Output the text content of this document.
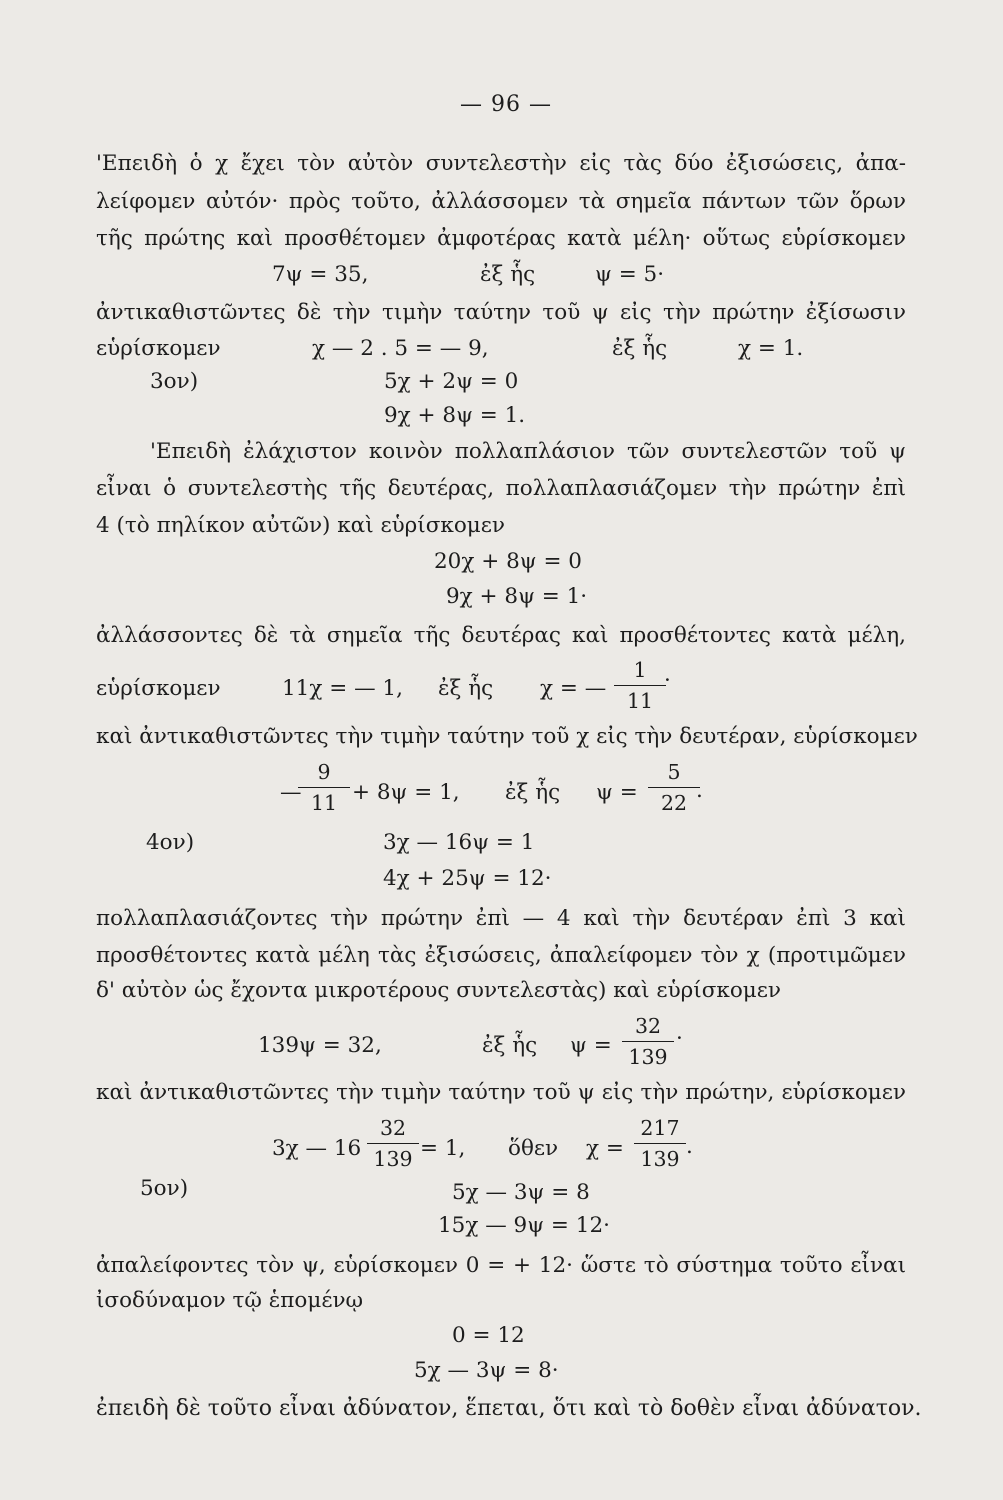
— 96 —
'Επειδὴ ὁ χ ἔχει τὸν αὐτὸν συντελεστὴν εἰς τὰς δύο ἐξισώσεις, ἀπα-
λείφομεν αὐτόν· πρὸς τοῦτο, ἀλλάσσομεν τὰ σημεῖα πάντων τῶν ὅρων
τῆς πρώτης καὶ προσθέτομεν ἀμφοτέρας κατὰ μέλη· οὕτως εὑρίσκομεν
7ψ = 35,	ἐξ ἧς	ψ = 5·
ἀντικαθιστῶντες δὲ τὴν τιμὴν ταύτην τοῦ ψ εἰς τὴν πρώτην ἐξίσωσιν
εὑρίσκομεν	χ — 2 . 5 = — 9,	ἐξ ἧς	χ = 1.
3ον)	5χ + 2ψ = 0
9χ + 8ψ = 1.
'Επειδὴ ἐλάχιστον κοινὸν πολλαπλάσιον τῶν συντελεστῶν τοῦ ψ
εἶναι ὁ συντελεστὴς τῆς δευτέρας, πολλαπλασιάζομεν τὴν πρώτην ἐπὶ
4 (τὸ πηλίκον αὐτῶν) καὶ εὑρίσκομεν
20χ + 8ψ = 0
9χ + 8ψ = 1·
ἀλλάσσοντες δὲ τὰ σημεῖα τῆς δευτέρας καὶ προσθέτοντες κατὰ μέλη,
εὑρίσκομεν	11χ = — 1, ἐξ ἧς χ = —
1
11
·
καὶ ἀντικαθιστῶντες τὴν τιμὴν ταύτην τοῦ χ εἰς τὴν δευτέραν, εὑρίσκομεν
—
9
11 + 8ψ = 1, ἐξ ἧς ψ =
5
22 .
4ον)	3χ — 16ψ = 1
4χ + 25ψ = 12·
πολλαπλασιάζοντες τὴν πρώτην ἐπὶ — 4 καὶ τὴν δευτέραν ἐπὶ 3 καὶ
προσθέτοντες κατὰ μέλη τὰς ἐξισώσεις, ἀπαλείφομεν τὸν χ (προτιμῶμεν
δ' αὐτὸν ὡς ἔχοντα μικροτέρους συντελεστὰς) καὶ εὑρίσκομεν
139ψ = 32,	ἐξ ἧς ψ =
32
139
·
καὶ ἀντικαθιστῶντες τὴν τιμὴν ταύτην τοῦ ψ εἰς τὴν πρώτην, εὑρίσκομεν
3χ — 16
32
139 = 1, ὅθεν χ =
217
139 .
5ον)	5χ — 3ψ = 8
15χ — 9ψ = 12·
ἀπαλείφοντες τὸν ψ, εὑρίσκομεν 0 = + 12· ὥστε τὸ σύστημα τοῦτο εἶναι
ἰσοδύναμον τῷ ἑπομένῳ
0 = 12
5χ — 3ψ = 8·
ἐπειδὴ δὲ τοῦτο εἶναι ἀδύνατον, ἕπεται, ὅτι καὶ τὸ δοθὲν εἶναι ἀδύνατον.
